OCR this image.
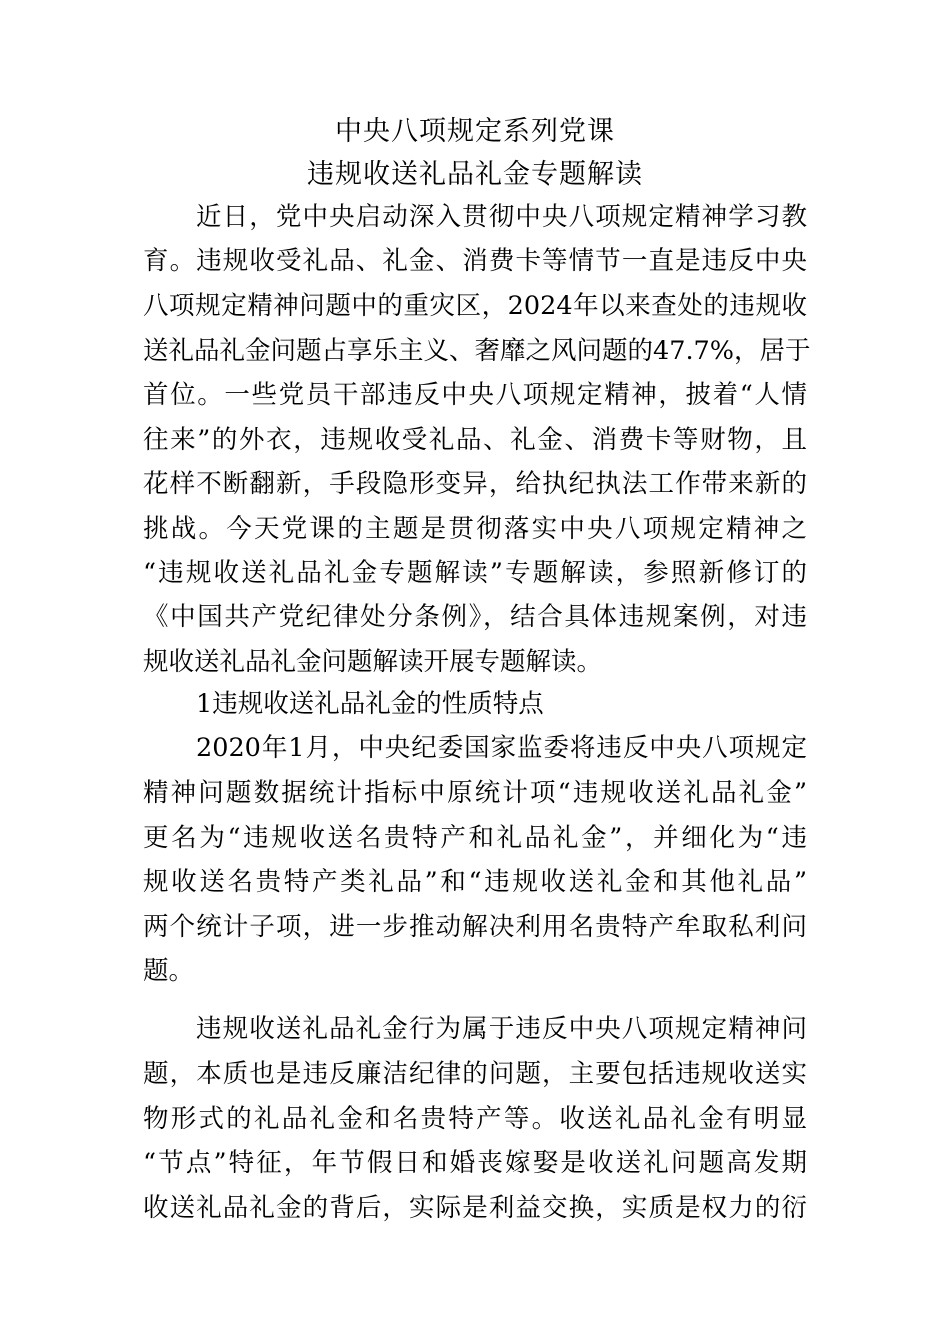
中央八项规定系列党课
违规收送礼品礼金专题解读
近日，党中央启动深入贯彻中央八项规定精神学习教
育。违规收受礼品、礼金、消费卡等情节一直是违反中央
八项规定精神问题中的重灾区，2024年以来查处的违规收
送礼品礼金问题占享乐主义、奢靡之风问题的47.7%，居于
首位。一些党员干部违反中央八项规定精神，披着“人情
往来”的外衣，违规收受礼品、礼金、消费卡等财物，且
花样不断翻新，手段隐形变异，给执纪执法工作带来新的
挑战。今天党课的主题是贯彻落实中央八项规定精神之
“违规收送礼品礼金专题解读”专题解读，参照新修订的
《中国共产党纪律处分条例》，结合具体违规案例，对违
规收送礼品礼金问题解读开展专题解读。
1违规收送礼品礼金的性质特点
2020年1月，中央纪委国家监委将违反中央八项规定
精神问题数据统计指标中原统计项“违规收送礼品礼金”
更名为“违规收送名贵特产和礼品礼金”，并细化为“违
规收送名贵特产类礼品”和“违规收送礼金和其他礼品”
两个统计子项，进一步推动解决利用名贵特产牟取私利问
题。
违规收送礼品礼金行为属于违反中央八项规定精神问
题，本质也是违反廉洁纪律的问题，主要包括违规收送实
物形式的礼品礼金和名贵特产等。收送礼品礼金有明显
“节点”特征，年节假日和婚丧嫁娶是收送礼问题高发期
收送礼品礼金的背后，实际是利益交换，实质是权力的衍
